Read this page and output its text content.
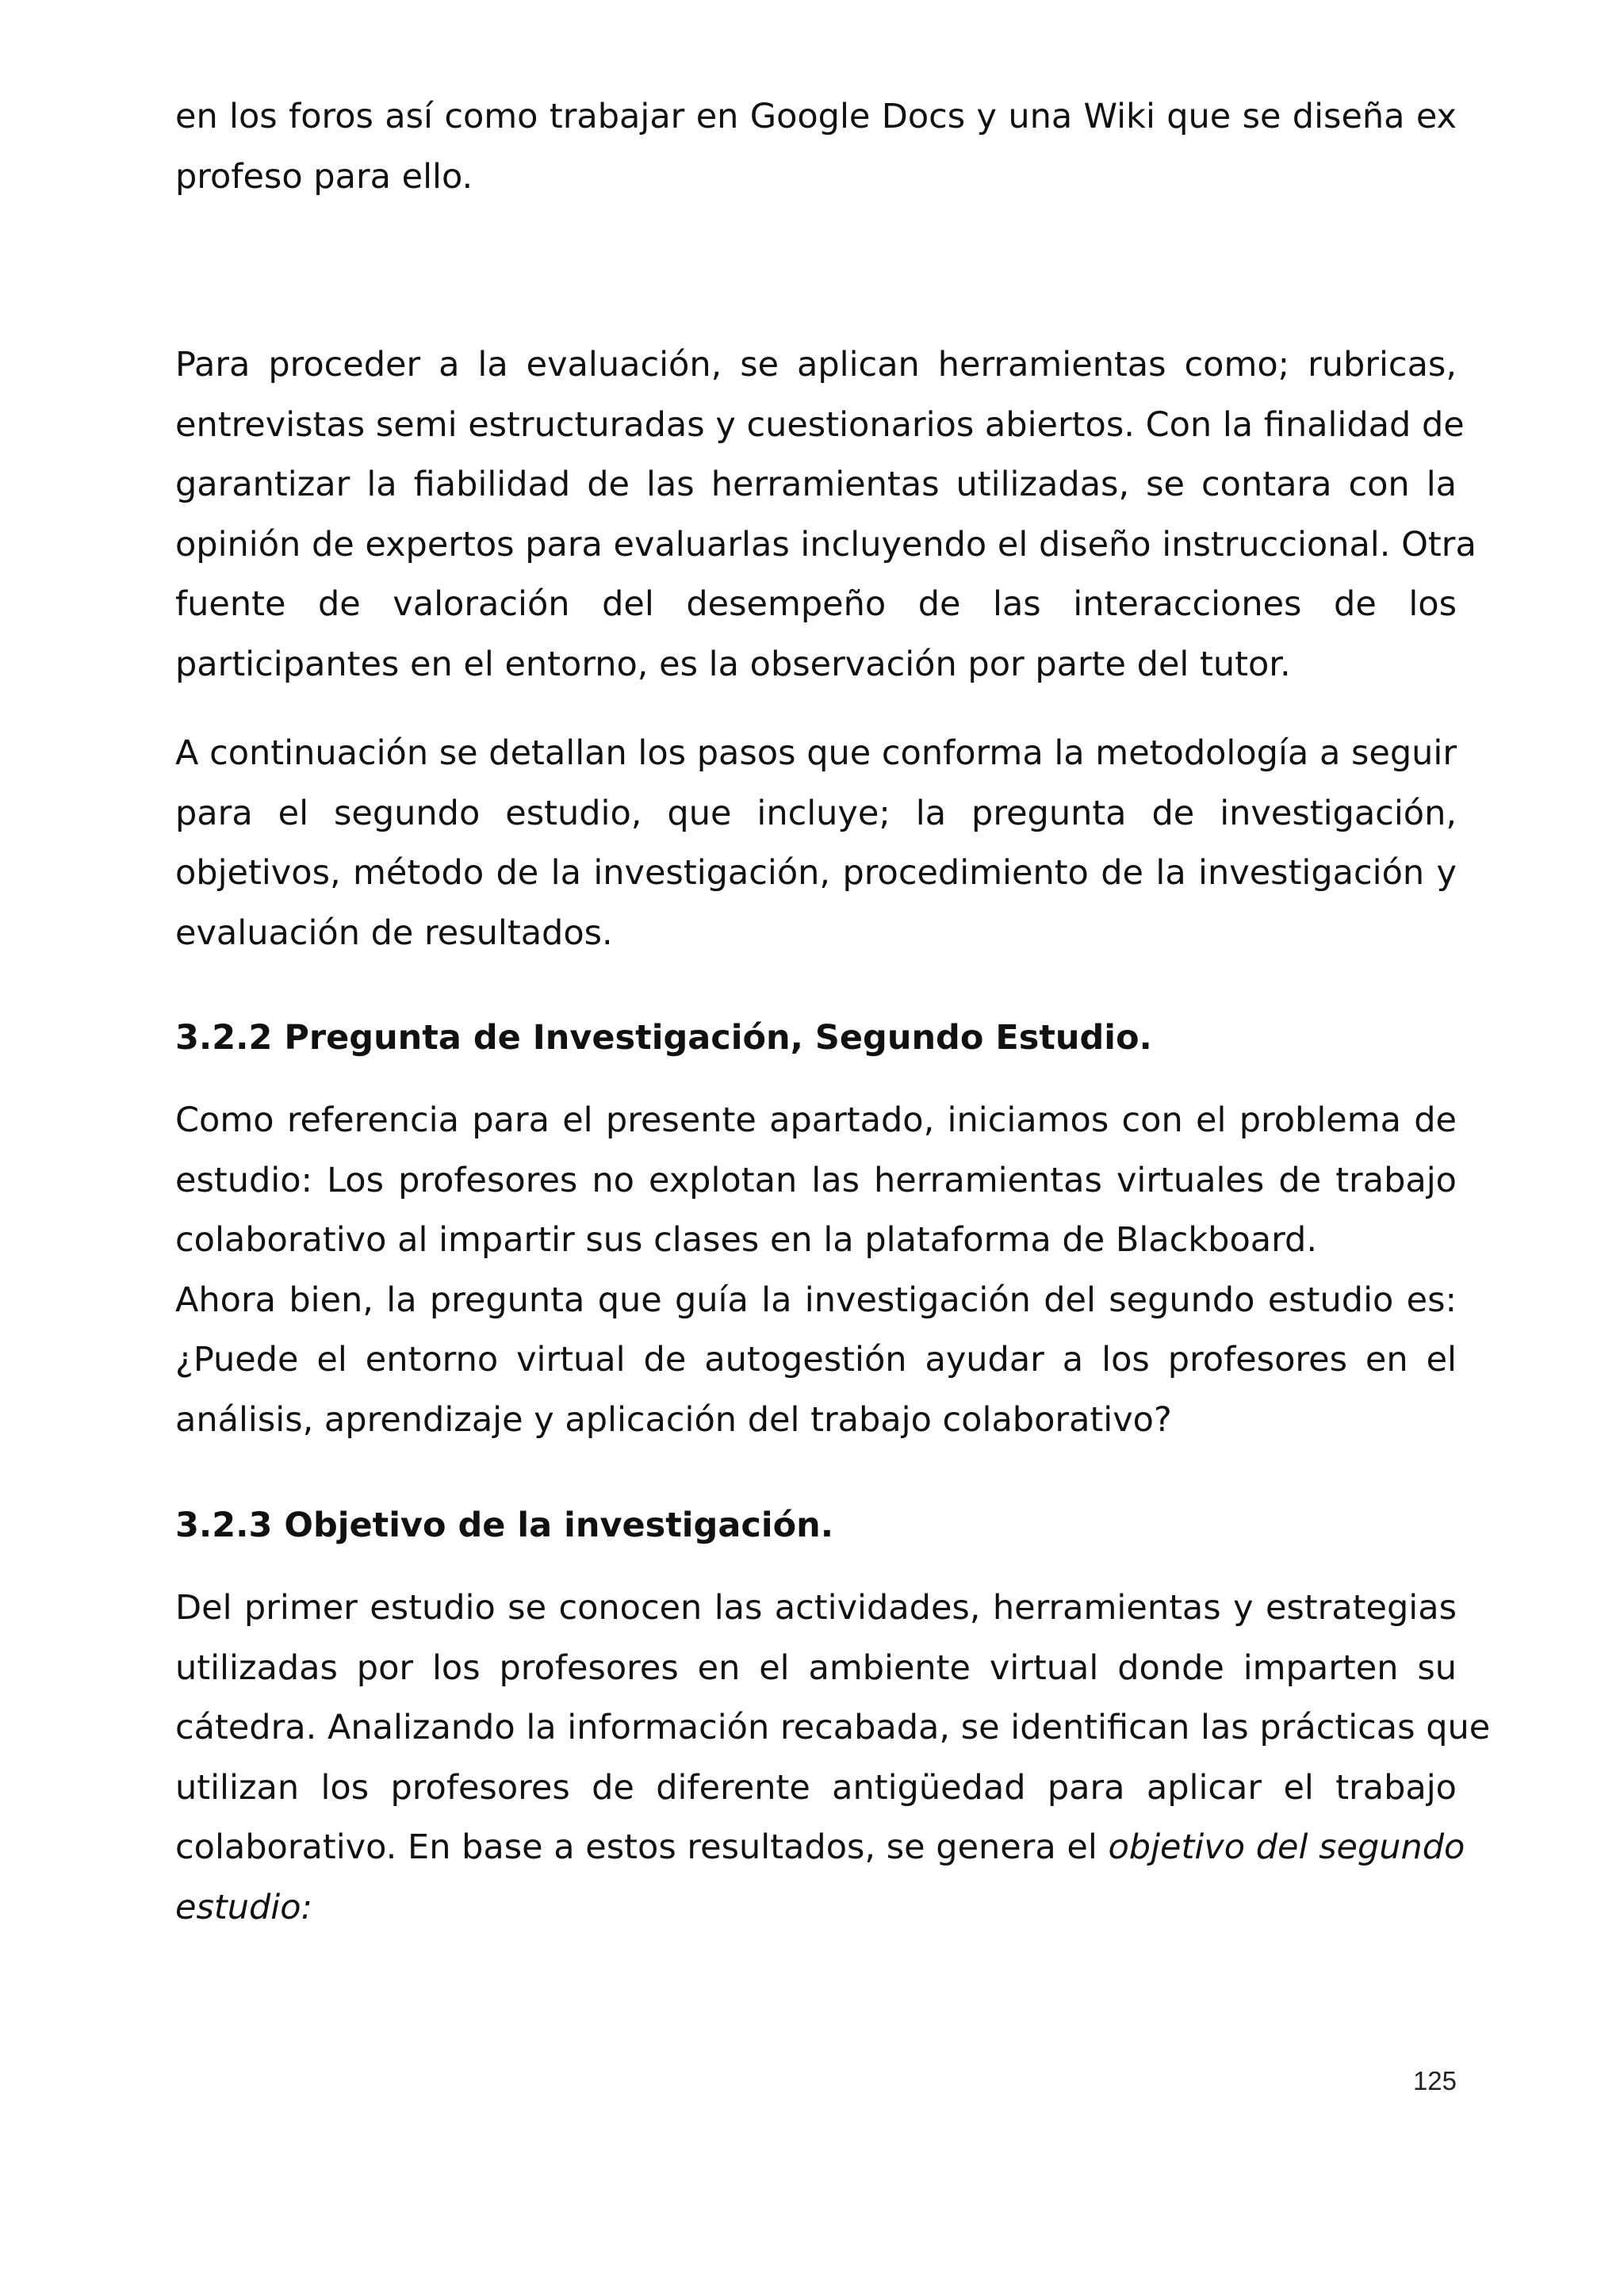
en los foros así como trabajar en Google Docs y una Wiki que se diseña ex
profeso para ello.
Para proceder a la evaluación, se aplican herramientas como; rubricas,
entrevistas semi estructuradas y cuestionarios abiertos. Con la finalidad de
garantizar la fiabilidad de las herramientas utilizadas, se contara con la
opinión de expertos para evaluarlas incluyendo el diseño instruccional. Otra
fuente de valoración del desempeño de las interacciones de los
participantes en el entorno, es la observación por parte del tutor.
A continuación se detallan los pasos que conforma la metodología a seguir
para el segundo estudio, que incluye; la pregunta de investigación,
objetivos, método de la investigación, procedimiento de la investigación y
evaluación de resultados.
3.2.2 Pregunta de Investigación, Segundo Estudio.
Como referencia para el presente apartado, iniciamos con el problema de
estudio: Los profesores no explotan las herramientas virtuales de trabajo
colaborativo al impartir sus clases en la plataforma de Blackboard.
Ahora bien, la pregunta que guía la investigación del segundo estudio es:
¿Puede el entorno virtual de autogestión ayudar a los profesores en el
análisis, aprendizaje y aplicación del trabajo colaborativo?
3.2.3 Objetivo de la investigación.
Del primer estudio se conocen las actividades, herramientas y estrategias
utilizadas por los profesores en el ambiente virtual donde imparten su
cátedra. Analizando la información recabada, se identifican las prácticas que
utilizan los profesores de diferente antigüedad para aplicar el trabajo
colaborativo. En base a estos resultados, se genera el objetivo del segundo
estudio:
125
